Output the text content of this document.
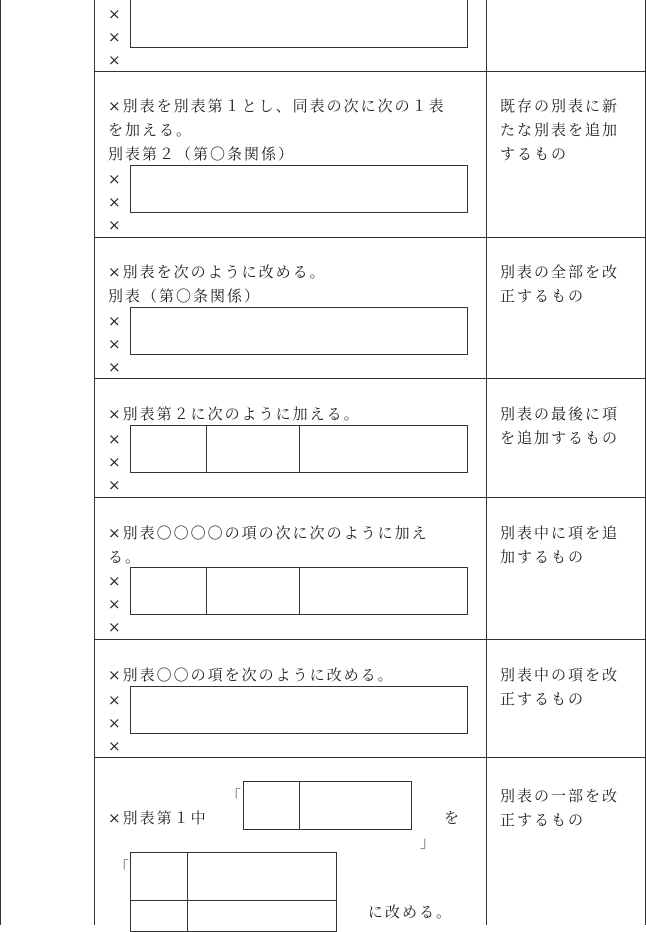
×
×
×
×別表を別表第１とし、同表の次に次の１表
を加える。
別表第２（第〇条関係）
×
×
×
既存の別表に新
たな別表を追加
するもの
×別表を次のように改める。
別表（第〇条関係）
×
×
×
別表の全部を改
正するもの
×別表第２に次のように加える。
×
×
×
別表の最後に項
を追加するもの
×別表〇〇〇〇の項の次に次のように加え
る。
×
×
×
別表中に項を追
加するもの
×別表〇〇の項を次のように改める。
×
×
×
別表中の項を改
正するもの
「
×別表第１中	を
」
「
に改める。
別表の一部を改
正するもの
